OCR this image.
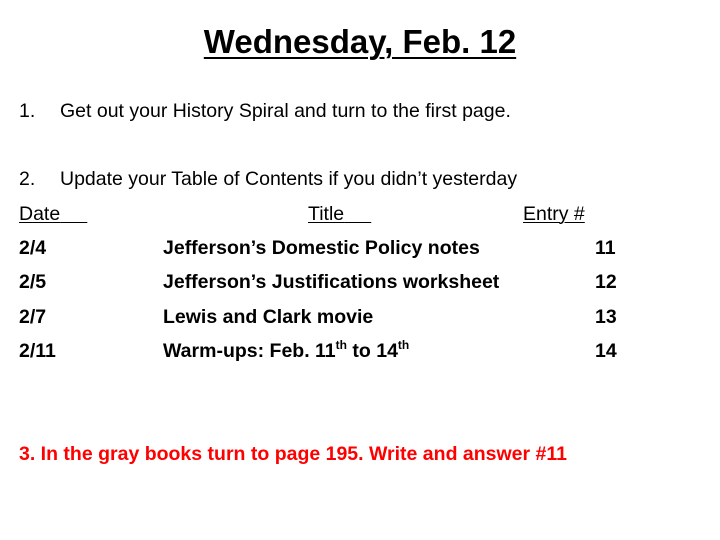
Wednesday, Feb. 12
1.	Get out your History Spiral and turn to the first page.
2.	Update your Table of Contents if you didn’t yesterday
Date	Title	Entry #
2/4	Jefferson’s Domestic Policy notes	11
2/5	Jefferson’s Justifications worksheet	12
2/7	Lewis and Clark movie	13
2/11	Warm-ups: Feb. 11th to 14th	14
3. In the gray books turn to page 195. Write and answer #11
